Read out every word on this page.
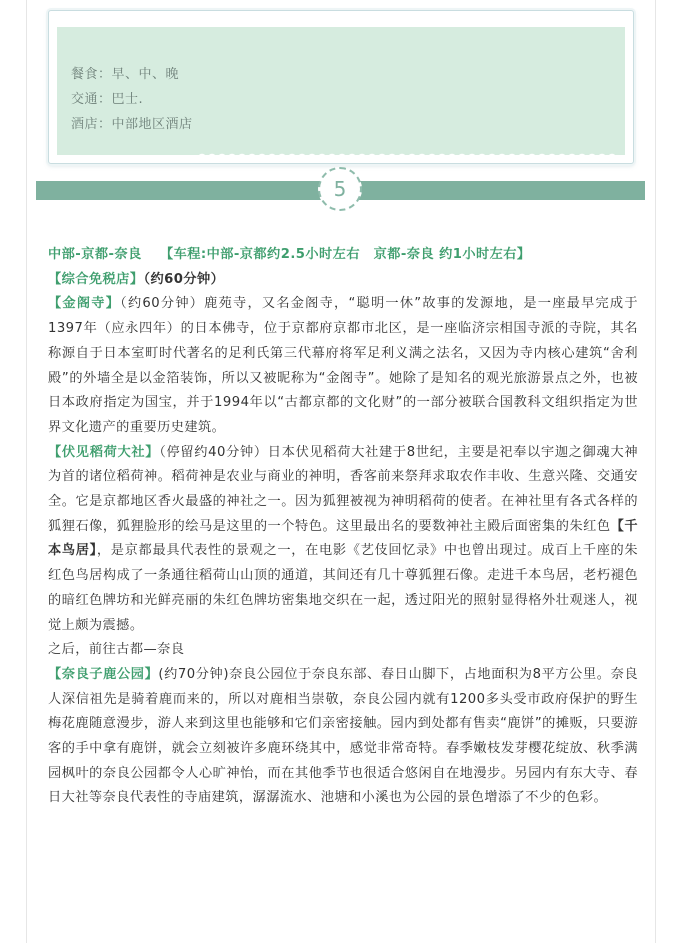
餐食：早、中、晚
交通：巴士.
酒店：中部地区酒店
5

中部-京都-奈良　 【车程:中部-京都约2.5小时左右　京都-奈良 约1小时左右】

【综合免税店】（约60分钟）

【金阁寺】（约60分钟）鹿苑寺，又名金阁寺，“聪明一休”故事的发源地，是一座最早完成于1397年（应永四年）的日本佛寺，位于京都府京都市北区，是一座临济宗相国寺派的寺院，其名称源自于日本室町时代著名的足利氏第三代幕府将军足利义满之法名，又因为寺内核心建筑“舍利殿”的外墙全是以金箔装饰，所以又被昵称为“金阁寺”。她除了是知名的观光旅游景点之外，也被日本政府指定为国宝，并于1994年以“古都京都的文化财”的一部分被联合国教科文组织指定为世界文化遗产的重要历史建筑。

【伏见稻荷大社】（停留约40分钟）日本伏见稻荷大社建于8世纪，主要是祀奉以宇迦之御魂大神为首的诸位稻荷神。稻荷神是农业与商业的神明，香客前来祭拜求取农作丰收、生意兴隆、交通安全。它是京都地区香火最盛的神社之一。因为狐狸被视为神明稻荷的使者。在神社里有各式各样的狐狸石像，狐狸脸形的绘马是这里的一个特色。这里最出名的要数神社主殿后面密集的朱红色【千本鸟居】，是京都最具代表性的景观之一，在电影《艺伎回忆录》中也曾出现过。成百上千座的朱红色鸟居构成了一条通往稻荷山山顶的通道，其间还有几十尊狐狸石像。走进千本鸟居，老朽褪色的暗红色牌坊和光鲜亮丽的朱红色牌坊密集地交织在一起，透过阳光的照射显得格外壮观迷人，视觉上颇为震撼。

之后，前往古都—奈良

【奈良子鹿公园】(约70分钟)奈良公园位于奈良东部、春日山脚下，占地面积为8平方公里。奈良人深信祖先是骑着鹿而来的，所以对鹿相当崇敬，奈良公园内就有1200多头受市政府保护的野生梅花鹿随意漫步，游人来到这里也能够和它们亲密接触。园内到处都有售卖“鹿饼”的摊贩，只要游客的手中拿有鹿饼，就会立刻被许多鹿环绕其中，感觉非常奇特。春季嫩枝发芽樱花绽放、秋季满园枫叶的奈良公园都令人心旷神怡，而在其他季节也很适合悠闲自在地漫步。另园内有东大寺、春日大社等奈良代表性的寺庙建筑，潺潺流水、池塘和小溪也为公园的景色增添了不少的色彩。
